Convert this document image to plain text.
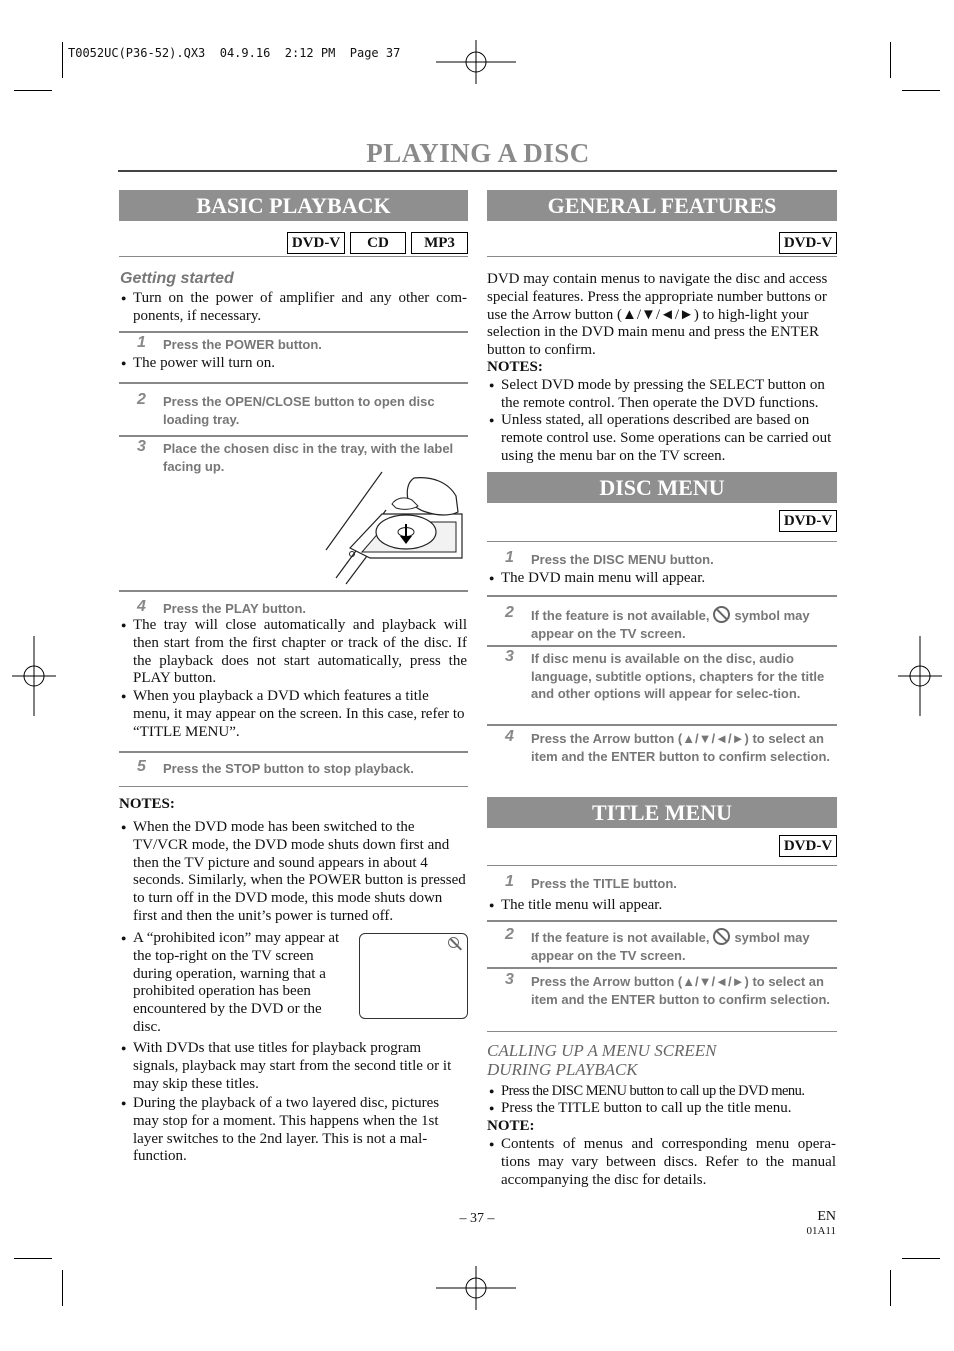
T0052UC(P36-52).QX3  04.9.16  2:12 PM  Page 37
PLAYING A DISC
BASIC PLAYBACK
DVD-V	CD	MP3
Getting started
● Turn on the power of amplifier and any other com-ponents, if necessary.
1 Press the POWER button.
● The power will turn on.
2 Press the OPEN/CLOSE button to open disc loading tray.
3 Place the chosen disc in the tray, with the label facing up.
4 Press the PLAY button.
● The tray will close automatically and playback will then start from the first chapter or track of the disc. If the playback does not start automatically, press the PLAY button.
● When you playback a DVD which features a title menu, it may appear on the screen. In this case, refer to “TITLE MENU”.
5 Press the STOP button to stop playback.
NOTES:
● When the DVD mode has been switched to the TV/VCR mode, the DVD mode shuts down first and then the TV picture and sound appears in about 4 seconds. Similarly, when the POWER button is pressed to turn off in the DVD mode, this mode shuts down first and then the unit’s power is turned off.
● A “prohibited icon” may appear at the top-right on the TV screen during operation, warning that a prohibited operation has been encountered by the DVD or the disc.
● With DVDs that use titles for playback program signals, playback may start from the second title or it may skip these titles.
● During the playback of a two layered disc, pictures may stop for a moment. This happens when the 1st layer switches to the 2nd layer. This is not a mal-function.
GENERAL FEATURES
DVD-V
DVD may contain menus to navigate the disc and access special features. Press the appropriate number buttons or use the Arrow button (▲/▼/◄/►) to high-light your selection in the DVD main menu and press the ENTER button to confirm.
NOTES:
● Select DVD mode by pressing the SELECT button on the remote control. Then operate the DVD functions.
● Unless stated, all operations described are based on remote control use. Some operations can be carried out using the menu bar on the TV screen.
DISC MENU
DVD-V
1 Press the DISC MENU button.
● The DVD main menu will appear.
2 If the feature is not available, symbol may appear on the TV screen.
3 If disc menu is available on the disc, audio language, subtitle options, chapters for the title and other options will appear for selec-tion.
4 Press the Arrow button (▲/▼/◄/►) to select an item and the ENTER button to confirm selection.
TITLE MENU
DVD-V
1 Press the TITLE button.
● The title menu will appear.
2 If the feature is not available, symbol may appear on the TV screen.
3 Press the Arrow button (▲/▼/◄/►) to select an item and the ENTER button to confirm selection.
CALLING UP A MENU SCREEN
DURING PLAYBACK
● Press the DISC MENU button to call up the DVD menu.
● Press the TITLE button to call up the title menu.
NOTE:
● Contents of menus and corresponding menu opera-tions may vary between discs. Refer to the manual accompanying the disc for details.
– 37 –	EN
01A11
